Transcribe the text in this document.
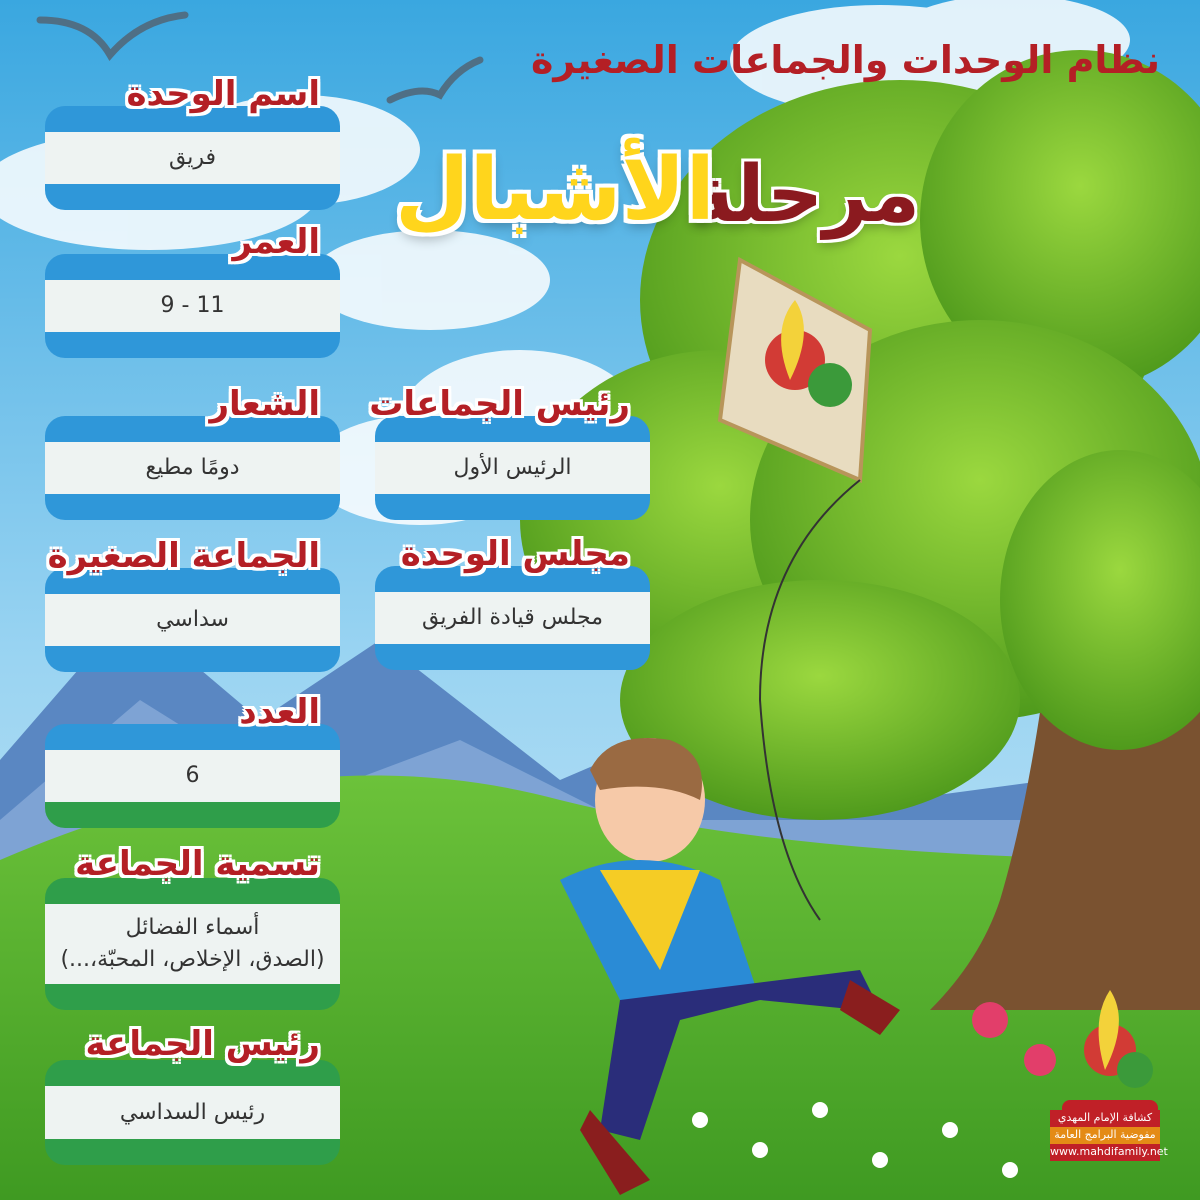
نظام الوحدات والجماعات الصغيرة
مرحلة
الأشبال
فريق
اسم الوحدة
9 - 11
العمر
دومًا مطيع
الشعار
سداسي
الجماعة الصغيرة
6
العدد
أسماء الفضائل
(الصدق، الإخلاص، المحبّة،...)
تسمية الجماعة
رئيس السداسي
رئيس الجماعة
الرئيس الأول
رئيس الجماعات
مجلس قيادة الفريق
مجلس الوحدة
كشافة الإمام المهدي
مفوضية البرامج العامة
www.mahdifamily.net
